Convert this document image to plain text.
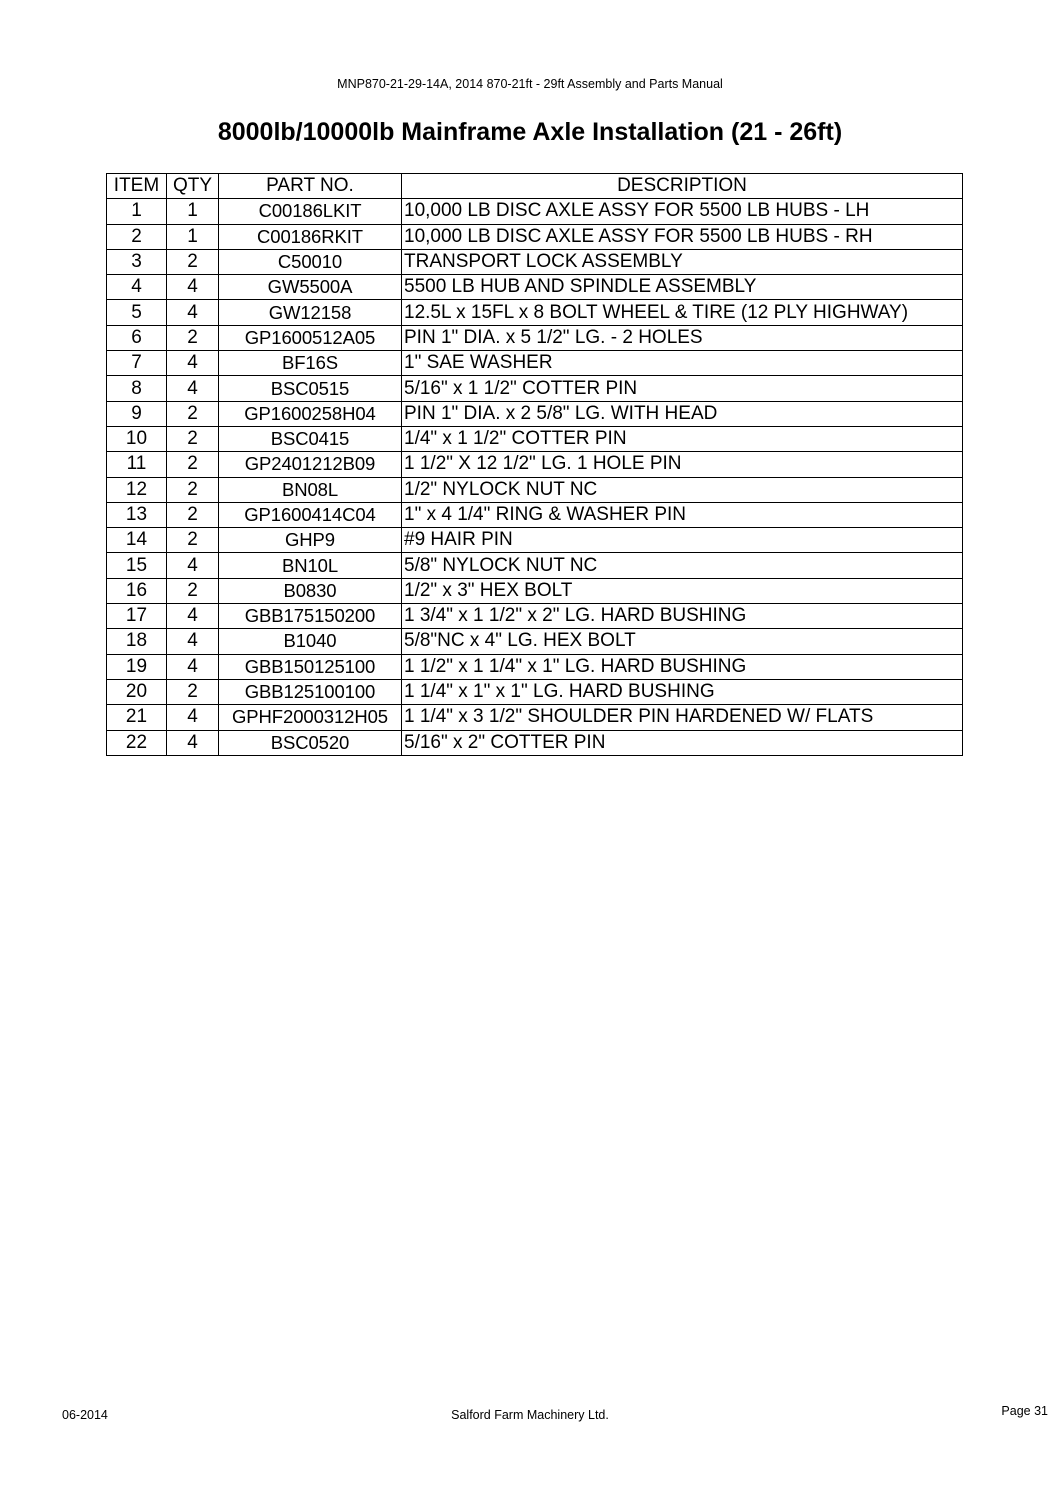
MNP870-21-29-14A, 2014 870-21ft - 29ft Assembly and Parts Manual
8000lb/10000lb Mainframe Axle Installation (21 - 26ft)
ITEM	QTY	PART NO.	DESCRIPTION
1	1	C00186LKIT	10,000 LB DISC AXLE ASSY FOR 5500 LB HUBS - LH
2	1	C00186RKIT	10,000 LB DISC AXLE ASSY FOR 5500 LB HUBS - RH
3	2	C50010	TRANSPORT LOCK ASSEMBLY
4	4	GW5500A	5500 LB HUB AND SPINDLE ASSEMBLY
5	4	GW12158	12.5L x 15FL x 8 BOLT WHEEL & TIRE (12 PLY HIGHWAY)
6	2	GP1600512A05	PIN 1" DIA. x 5 1/2" LG. - 2 HOLES
7	4	BF16S	1" SAE WASHER
8	4	BSC0515	5/16" x 1 1/2" COTTER PIN
9	2	GP1600258H04	PIN 1" DIA. x 2 5/8" LG. WITH HEAD
10	2	BSC0415	1/4" x 1 1/2" COTTER PIN
11	2	GP2401212B09	1 1/2" X 12 1/2" LG. 1 HOLE PIN
12	2	BN08L	1/2" NYLOCK NUT NC
13	2	GP1600414C04	1" x 4 1/4" RING & WASHER PIN
14	2	GHP9	#9 HAIR PIN
15	4	BN10L	5/8" NYLOCK NUT NC
16	2	B0830	1/2" x 3" HEX BOLT
17	4	GBB175150200	1 3/4" x 1 1/2" x 2" LG. HARD BUSHING
18	4	B1040	5/8"NC x 4" LG. HEX BOLT
19	4	GBB150125100	1 1/2" x 1 1/4" x 1" LG. HARD BUSHING
20	2	GBB125100100	1 1/4" x 1" x 1" LG. HARD BUSHING
21	4	GPHF2000312H05	1 1/4" x 3 1/2" SHOULDER PIN HARDENED W/ FLATS
22	4	BSC0520	5/16" x 2" COTTER PIN
06-2014	Salford Farm Machinery Ltd.	Page 31
